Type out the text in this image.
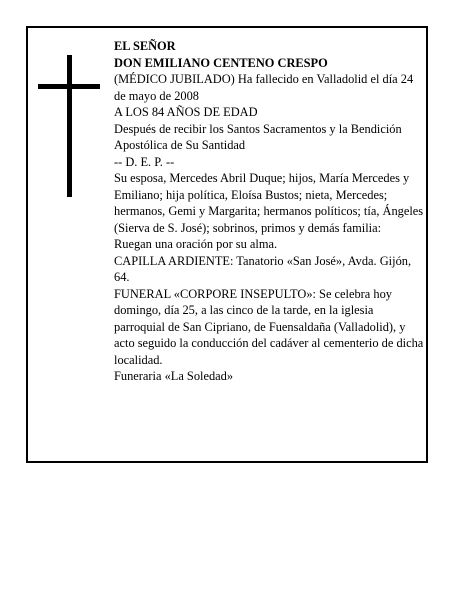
EL SEÑOR

DON EMILIANO CENTENO CRESPO

(MÉDICO JUBILADO) Ha fallecido en Valladolid el día 24 de mayo de 2008

A LOS 84 AÑOS DE EDAD

Después de recibir los Santos Sacramentos y la Bendición Apostólica de Su Santidad

-- D. E. P. --

Su esposa, Mercedes Abril Duque; hijos, María Mercedes y Emiliano; hija política, Eloísa Bustos; nieta, Mercedes; hermanos, Gemi y Margarita; hermanos políticos; tía, Ángeles (Sierva de S. José); sobrinos, primos y demás familia:

Ruegan una oración por su alma.

CAPILLA ARDIENTE: Tanatorio «San José», Avda. Gijón, 64.

FUNERAL «CORPORE INSEPULTO»: Se celebra hoy domingo, día 25, a las cinco de la tarde, en la iglesia parroquial de San Cipriano, de Fuensaldaña (Valladolid), y acto seguido la conducción del cadáver al cementerio de dicha localidad.

Funeraria «La Soledad»
